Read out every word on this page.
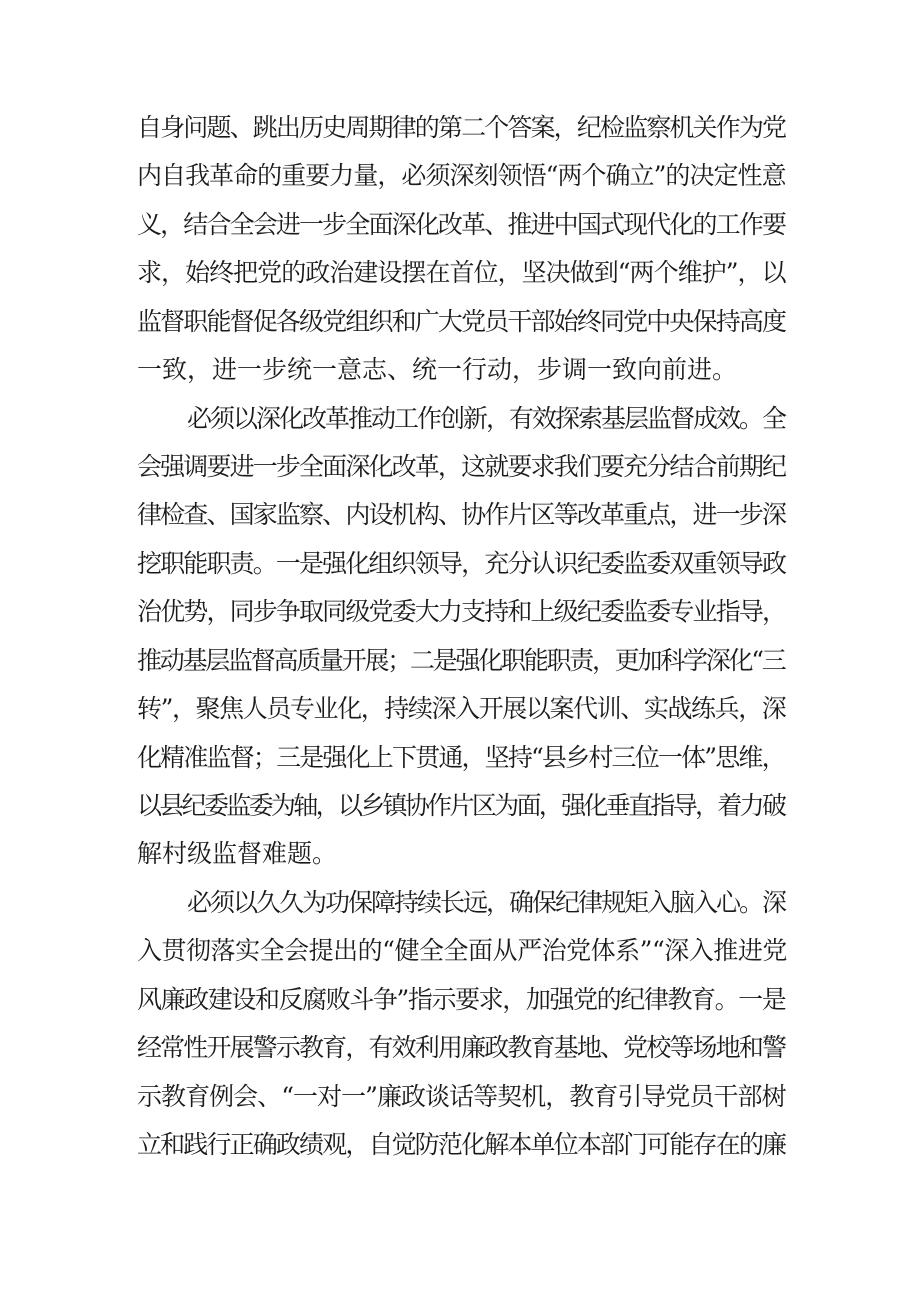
自身问题、跳出历史周期律的第二个答案，纪检监察机关作为党
内自我革命的重要力量，必须深刻领悟“两个确立”的决定性意
义，结合全会进一步全面深化改革、推进中国式现代化的工作要
求，始终把党的政治建设摆在首位，坚决做到“两个维护”，以
监督职能督促各级党组织和广大党员干部始终同党中央保持高度
一致，进一步统一意志、统一行动，步调一致向前进。
必须以深化改革推动工作创新，有效探索基层监督成效。全
会强调要进一步全面深化改革，这就要求我们要充分结合前期纪
律检查、国家监察、内设机构、协作片区等改革重点，进一步深
挖职能职责。一是强化组织领导，充分认识纪委监委双重领导政
治优势，同步争取同级党委大力支持和上级纪委监委专业指导，
推动基层监督高质量开展；二是强化职能职责，更加科学深化“三
转”，聚焦人员专业化，持续深入开展以案代训、实战练兵，深
化精准监督；三是强化上下贯通，坚持“县乡村三位一体”思维，
以县纪委监委为轴，以乡镇协作片区为面，强化垂直指导，着力破
解村级监督难题。
必须以久久为功保障持续长远，确保纪律规矩入脑入心。深
入贯彻落实全会提出的“健全全面从严治党体系”“深入推进党
风廉政建设和反腐败斗争”指示要求，加强党的纪律教育。一是
经常性开展警示教育，有效利用廉政教育基地、党校等场地和警
示教育例会、“一对一”廉政谈话等契机，教育引导党员干部树
立和践行正确政绩观，自觉防范化解本单位本部门可能存在的廉
